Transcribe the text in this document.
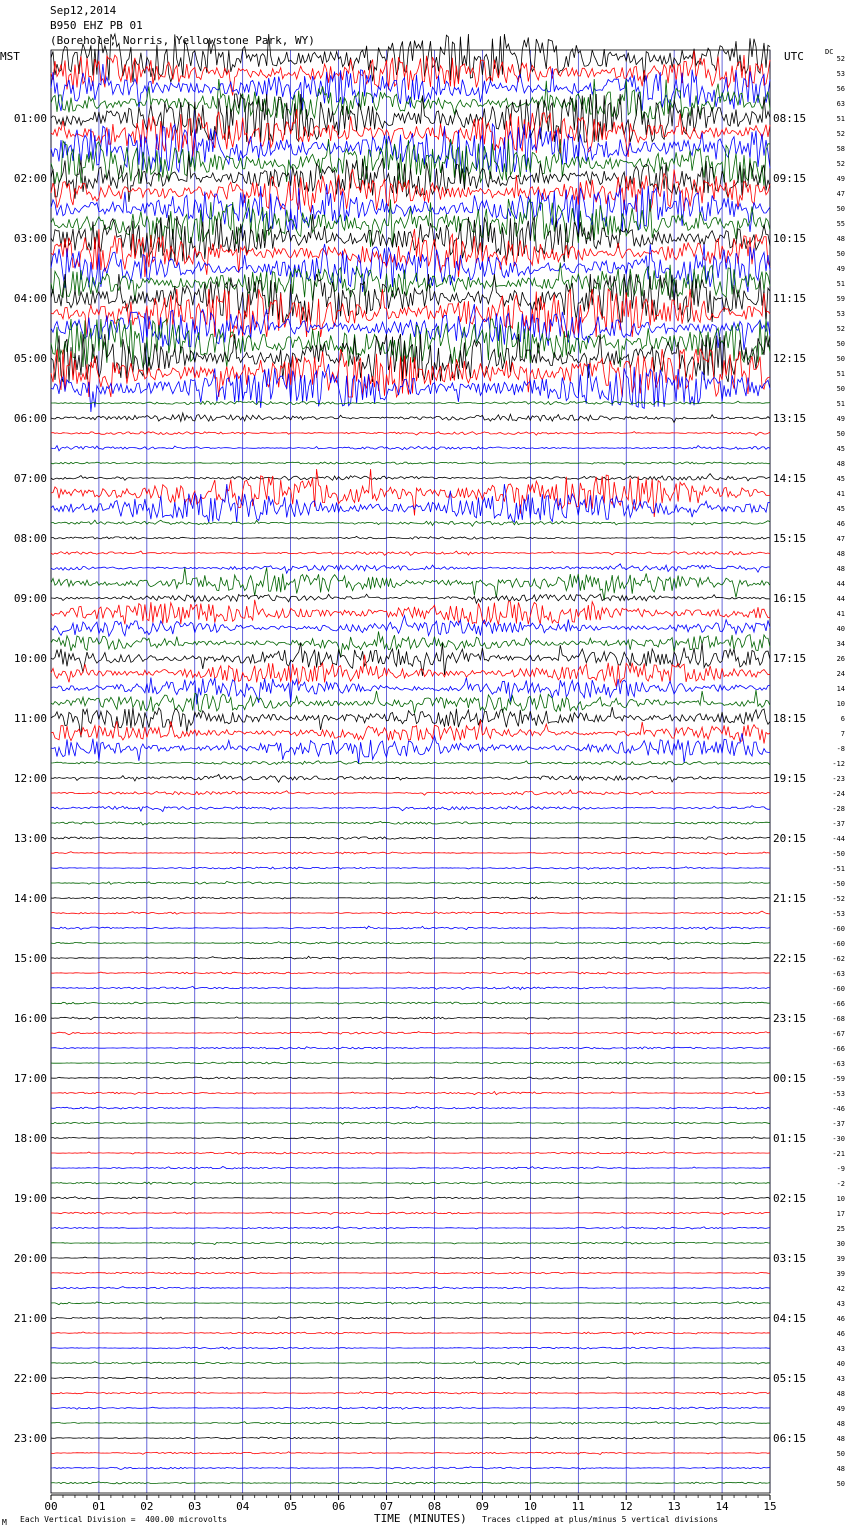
01:00
02:00
03:00
04:00
05:00
06:00
07:00
08:00
09:00
10:00
11:00
12:00
13:00
14:00
15:00
16:00
17:00
18:00
19:00
20:00
21:00
22:00
23:00
08:15
09:15
10:15
11:15
12:15
13:15
14:15
15:15
16:15
17:15
18:15
19:15
20:15
21:15
22:15
23:15
00:15
01:15
02:15
03:15
04:15
05:15
06:15
52
53
56
63
51
52
58
52
49
47
50
55
48
50
49
51
59
53
52
50
50
51
50
51
49
50
45
48
45
41
45
46
47
48
48
44
44
41
40
34
26
24
14
10
6
7
-8
-12
-23
-24
-28
-37
-44
-50
-51
-50
-52
-53
-60
-60
-62
-63
-60
-66
-68
-67
-66
-63
-59
-53
-46
-37
-30
-21
-9
-2
10
17
25
30
39
39
42
43
46
46
43
40
43
48
49
48
48
50
48
50
00	01	02	03	04	05	06	07	08	09	10	11	12	13	14	15
Sep12,2014
B950 EHZ PB 01
(Borehole, Norris, Yellowstone Park, WY)
MST	UTC	DC
M Each Vertical Division =  400.00 microvolts	TIME (MINUTES) Traces clipped at plus/minus 5 vertical divisions
